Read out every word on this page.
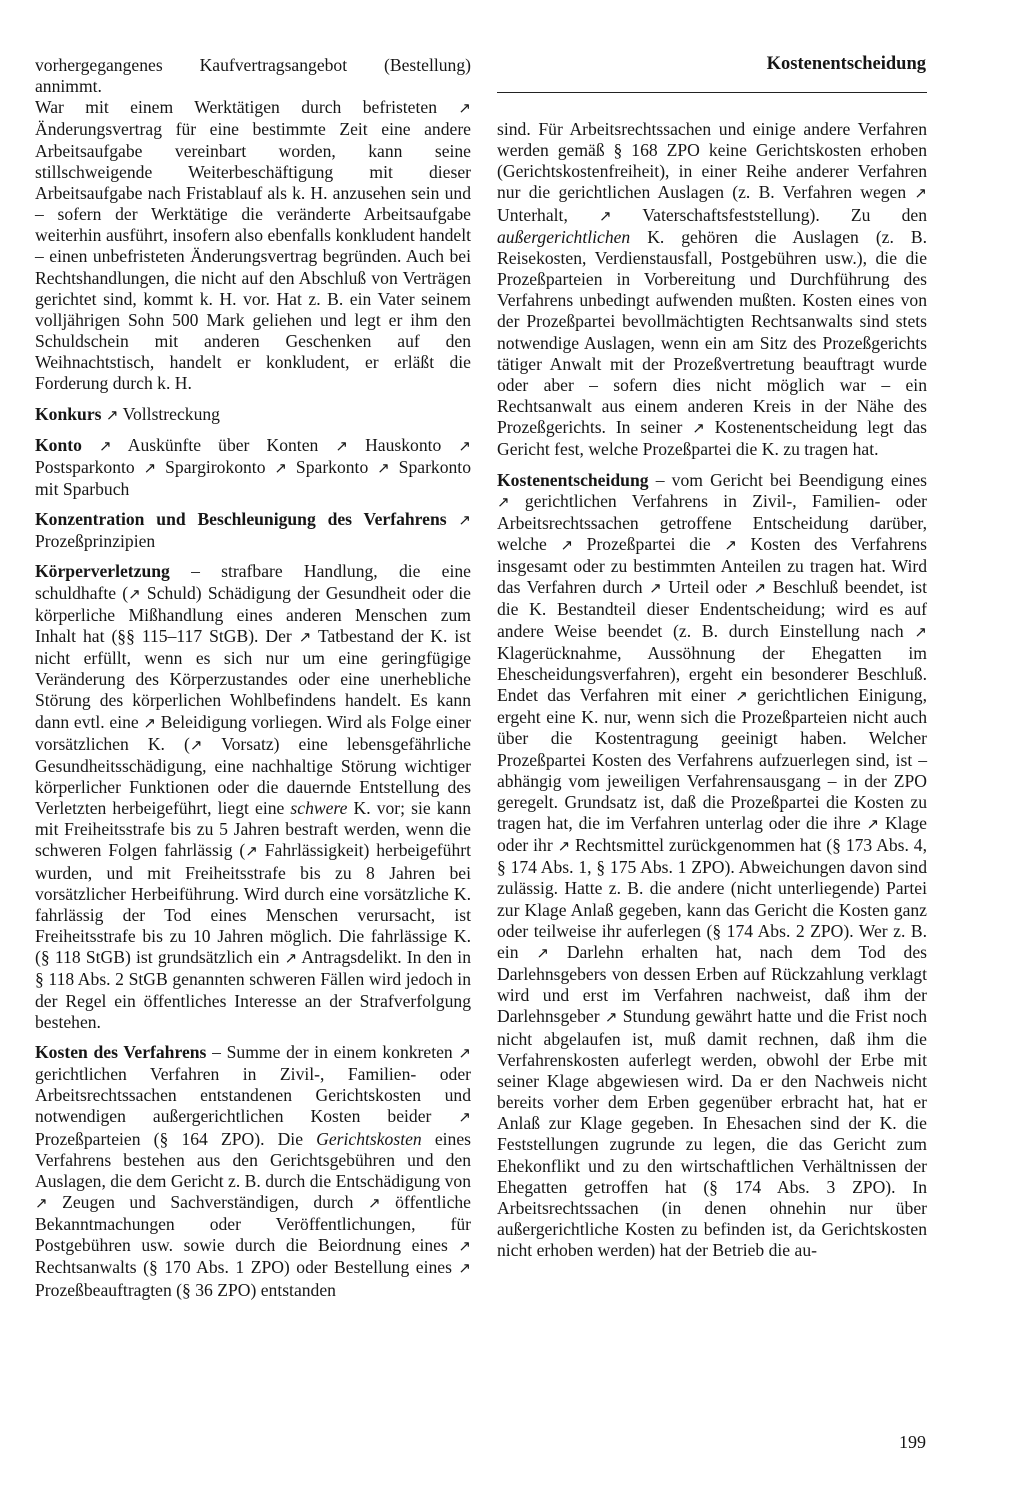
Kostenentscheidung

vorhergegangenes Kaufvertragsangebot (Bestellung) annimmt.

War mit einem Werktätigen durch befristeten ↗ Änderungsvertrag für eine bestimmte Zeit eine andere Arbeitsaufgabe vereinbart worden, kann seine stillschweigende Weiterbeschäftigung mit dieser Arbeitsaufgabe nach Fristablauf als k. H. anzusehen sein und – sofern der Werktätige die veränderte Arbeitsaufgabe weiterhin ausführt, insofern also ebenfalls konkludent handelt – einen unbefristeten Änderungsvertrag begründen. Auch bei Rechtshandlungen, die nicht auf den Abschluß von Verträgen gerichtet sind, kommt k. H. vor. Hat z. B. ein Vater seinem volljährigen Sohn 500 Mark geliehen und legt er ihm den Schuldschein mit anderen Geschenken auf den Weihnachtstisch, handelt er konkludent, er erläßt die Forderung durch k. H.

Konkurs ↗ Vollstreckung

Konto ↗ Auskünfte über Konten ↗ Hauskonto ↗ Postsparkonto ↗ Spargirokonto ↗ Sparkonto ↗ Sparkonto mit Sparbuch

Konzentration und Beschleunigung des Verfahrens ↗ Prozeßprinzipien

Körperverletzung – strafbare Handlung, die eine schuldhafte (↗ Schuld) Schädigung der Gesundheit oder die körperliche Mißhandlung eines anderen Menschen zum Inhalt hat (§§ 115–117 StGB). Der ↗ Tatbestand der K. ist nicht erfüllt, wenn es sich nur um eine geringfügige Veränderung des Körperzustandes oder eine unerhebliche Störung des körperlichen Wohlbefindens handelt. Es kann dann evtl. eine ↗ Beleidigung vorliegen. Wird als Folge einer vorsätzlichen K. (↗ Vorsatz) eine lebensgefährliche Gesundheitsschädigung, eine nachhaltige Störung wichtiger körperlicher Funktionen oder die dauernde Entstellung des Verletzten herbeigeführt, liegt eine schwere K. vor; sie kann mit Freiheitsstrafe bis zu 5 Jahren bestraft werden, wenn die schweren Folgen fahrlässig (↗ Fahrlässigkeit) herbeigeführt wurden, und mit Freiheitsstrafe bis zu 8 Jahren bei vorsätzlicher Herbeiführung. Wird durch eine vorsätzliche K. fahrlässig der Tod eines Menschen verursacht, ist Freiheitsstrafe bis zu 10 Jahren möglich. Die fahrlässige K. (§ 118 StGB) ist grundsätzlich ein ↗ Antragsdelikt. In den in § 118 Abs. 2 StGB genannten schweren Fällen wird jedoch in der Regel ein öffentliches Interesse an der Strafverfolgung bestehen.

Kosten des Verfahrens – Summe der in einem konkreten ↗ gerichtlichen Verfahren in Zivil-, Familien- oder Arbeitsrechtssachen entstandenen Gerichtskosten und notwendigen außergerichtlichen Kosten beider ↗ Prozeßparteien (§ 164 ZPO). Die Gerichtskosten eines Verfahrens bestehen aus den Gerichtsgebühren und den Auslagen, die dem Gericht z. B. durch die Entschädigung von ↗ Zeugen und Sachverständigen, durch ↗ öffentliche Bekanntmachungen oder Veröffentlichungen, für Postgebühren usw. sowie durch die Beiordnung eines ↗ Rechtsanwalts (§ 170 Abs. 1 ZPO) oder Bestellung eines ↗ Prozeßbeauftragten (§ 36 ZPO) entstanden

sind. Für Arbeitsrechtssachen und einige andere Verfahren werden gemäß § 168 ZPO keine Gerichtskosten erhoben (Gerichtskostenfreiheit), in einer Reihe anderer Verfahren nur die gerichtlichen Auslagen (z. B. Verfahren wegen ↗ Unterhalt, ↗ Vaterschaftsfeststellung). Zu den außergerichtlichen K. gehören die Auslagen (z. B. Reisekosten, Verdienstausfall, Postgebühren usw.), die die Prozeßparteien in Vorbereitung und Durchführung des Verfahrens unbedingt aufwenden mußten. Kosten eines von der Prozeßpartei bevollmächtigten Rechtsanwalts sind stets notwendige Auslagen, wenn ein am Sitz des Prozeßgerichts tätiger Anwalt mit der Prozeßvertretung beauftragt wurde oder aber – sofern dies nicht möglich war – ein Rechtsanwalt aus einem anderen Kreis in der Nähe des Prozeßgerichts. In seiner ↗ Kostenentscheidung legt das Gericht fest, welche Prozeßpartei die K. zu tragen hat.

Kostenentscheidung – vom Gericht bei Beendigung eines ↗ gerichtlichen Verfahrens in Zivil-, Familien- oder Arbeitsrechtssachen getroffene Entscheidung darüber, welche ↗ Prozeßpartei die ↗ Kosten des Verfahrens insgesamt oder zu bestimmten Anteilen zu tragen hat. Wird das Verfahren durch ↗ Urteil oder ↗ Beschluß beendet, ist die K. Bestandteil dieser Endentscheidung; wird es auf andere Weise beendet (z. B. durch Einstellung nach ↗ Klagerücknahme, Aussöhnung der Ehegatten im Ehescheidungsverfahren), ergeht ein besonderer Beschluß. Endet das Verfahren mit einer ↗ gerichtlichen Einigung, ergeht eine K. nur, wenn sich die Prozeßparteien nicht auch über die Kostentragung geeinigt haben. Welcher Prozeßpartei Kosten des Verfahrens aufzuerlegen sind, ist – abhängig vom jeweiligen Verfahrensausgang – in der ZPO geregelt. Grundsatz ist, daß die Prozeßpartei die Kosten zu tragen hat, die im Verfahren unterlag oder die ihre ↗ Klage oder ihr ↗ Rechtsmittel zurückgenommen hat (§ 173 Abs. 4, § 174 Abs. 1, § 175 Abs. 1 ZPO). Abweichungen davon sind zulässig. Hatte z. B. die andere (nicht unterliegende) Partei zur Klage Anlaß gegeben, kann das Gericht die Kosten ganz oder teilweise ihr auferlegen (§ 174 Abs. 2 ZPO). Wer z. B. ein ↗ Darlehn erhalten hat, nach dem Tod des Darlehnsgebers von dessen Erben auf Rückzahlung verklagt wird und erst im Verfahren nachweist, daß ihm der Darlehnsgeber ↗ Stundung gewährt hatte und die Frist noch nicht abgelaufen ist, muß damit rechnen, daß ihm die Verfahrenskosten auferlegt werden, obwohl der Erbe mit seiner Klage abgewiesen wird. Da er den Nachweis nicht bereits vorher dem Erben gegenüber erbracht hat, hat er Anlaß zur Klage gegeben. In Ehesachen sind der K. die Feststellungen zugrunde zu legen, die das Gericht zum Ehekonflikt und zu den wirtschaftlichen Verhältnissen der Ehegatten getroffen hat (§ 174 Abs. 3 ZPO). In Arbeitsrechtssachen (in denen ohnehin nur über außergerichtliche Kosten zu befinden ist, da Gerichtskosten nicht erhoben werden) hat der Betrieb die au-

199
